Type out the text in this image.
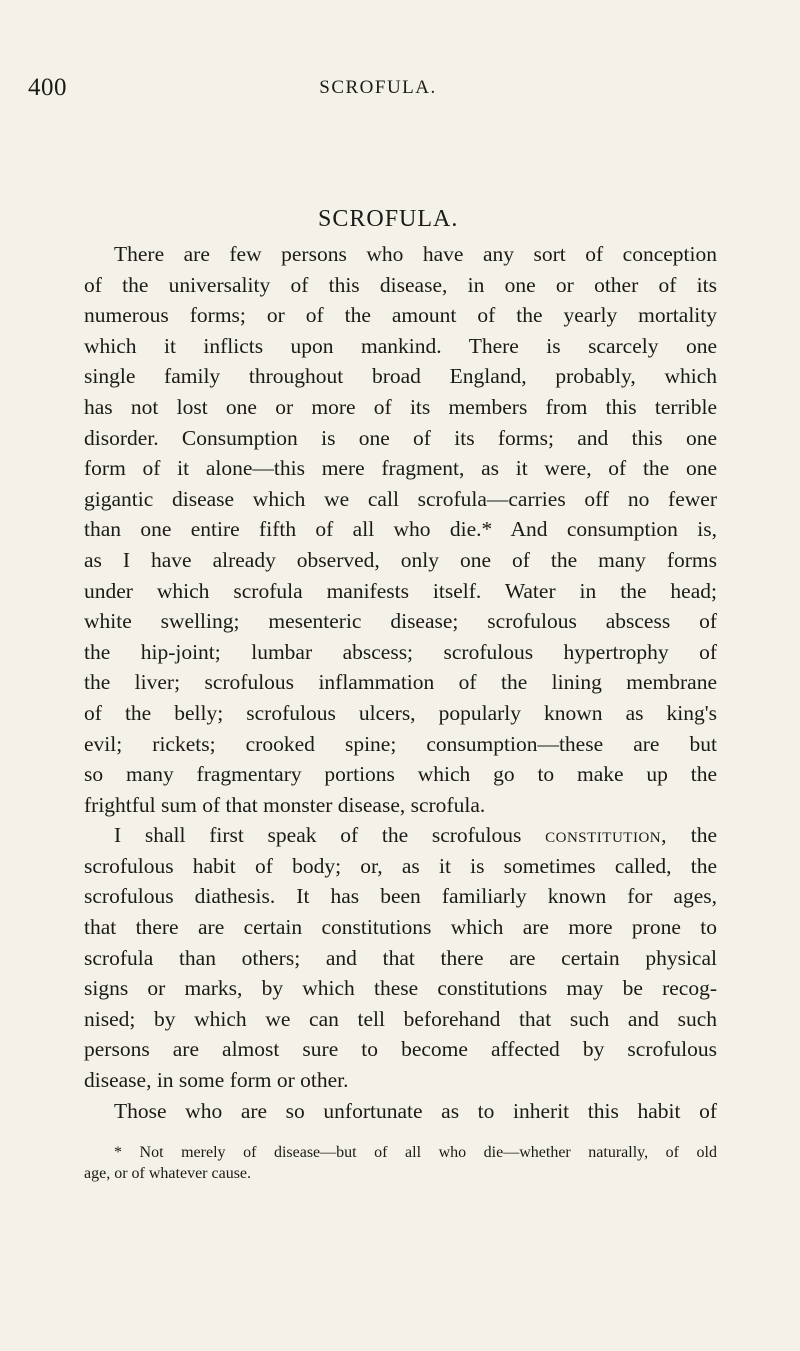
400	SCROFULA.
SCROFULA.
There are few persons who have any sort of conception
of the universality of this disease, in one or other of its
numerous forms; or of the amount of the yearly mortality
which it inflicts upon mankind. There is scarcely one
single family throughout broad England, probably, which
has not lost one or more of its members from this terrible
disorder. Consumption is one of its forms; and this one
form of it alone—this mere fragment, as it were, of the one
gigantic disease which we call scrofula—carries off no fewer
than one entire fifth of all who die.* And consumption is,
as I have already observed, only one of the many forms
under which scrofula manifests itself. Water in the head;
white swelling; mesenteric disease; scrofulous abscess of
the hip-joint; lumbar abscess; scrofulous hypertrophy of
the liver; scrofulous inflammation of the lining membrane
of the belly; scrofulous ulcers, popularly known as king's
evil; rickets; crooked spine; consumption—these are but
so many fragmentary portions which go to make up the
frightful sum of that monster disease, scrofula.
I shall first speak of the scrofulous constitution, the
scrofulous habit of body; or, as it is sometimes called, the
scrofulous diathesis. It has been familiarly known for ages,
that there are certain constitutions which are more prone to
scrofula than others; and that there are certain physical
signs or marks, by which these constitutions may be recog-
nised; by which we can tell beforehand that such and such
persons are almost sure to become affected by scrofulous
disease, in some form or other.
Those who are so unfortunate as to inherit this habit of
* Not merely of disease—but of all who die—whether naturally, of old
age, or of whatever cause.
